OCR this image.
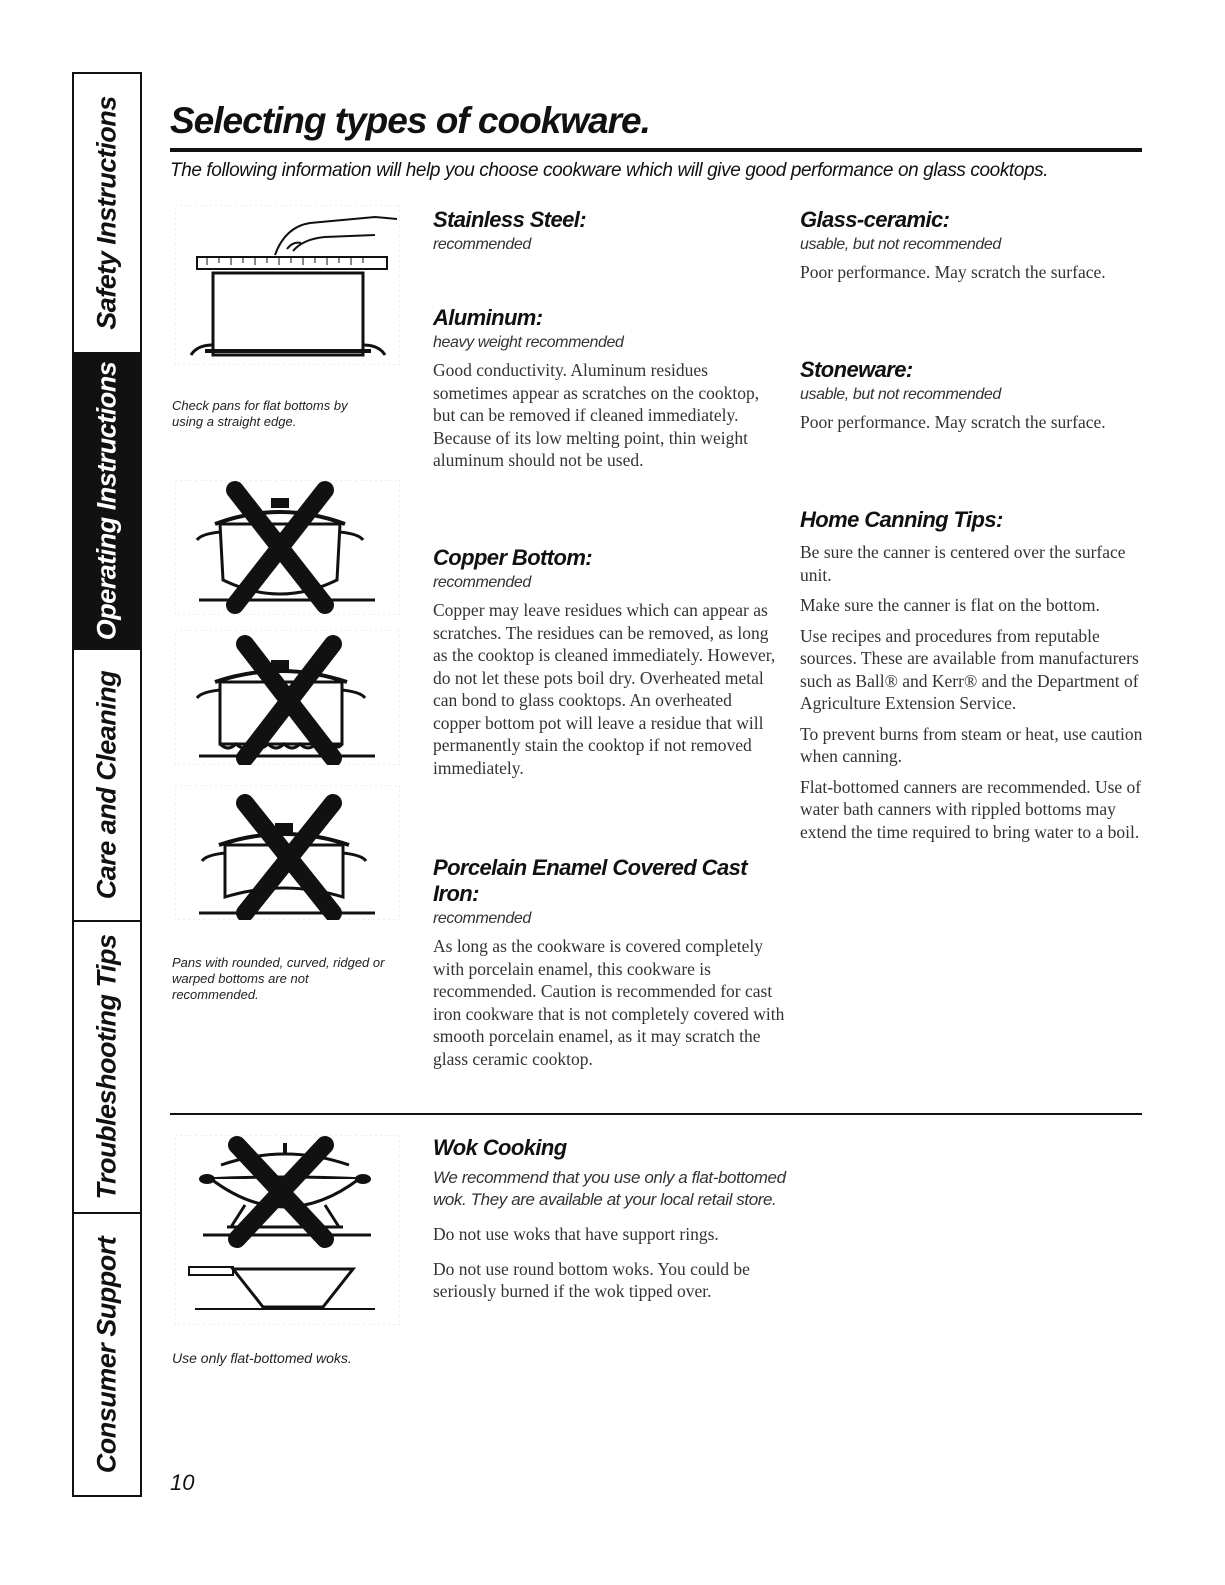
Safety Instructions
Operating Instructions
Care and Cleaning
Troubleshooting Tips
Consumer Support
Selecting types of cookware.

The following information will help you choose cookware which will give good performance on glass cooktops.

Check pans for flat bottoms by using a straight edge.

Pans with rounded, curved, ridged or warped bottoms are not recommended.

Stainless Steel:

recommended

Aluminum:

heavy weight recommended

Good conductivity. Aluminum residues sometimes appear as scratches on the cooktop, but can be removed if cleaned immediately. Because of its low melting point, thin weight aluminum should not be used.

Copper Bottom:

recommended

Copper may leave residues which can appear as scratches. The residues can be removed, as long as the cooktop is cleaned immediately. However, do not let these pots boil dry. Overheated metal can bond to glass cooktops. An overheated copper bottom pot will leave a residue that will permanently stain the cooktop if not removed immediately.

Porcelain Enamel Covered Cast Iron:

recommended

As long as the cookware is covered completely with porcelain enamel, this cookware is recommended. Caution is recommended for cast iron cookware that is not completely covered with smooth porcelain enamel, as it may scratch the glass ceramic cooktop.

Glass-ceramic:

usable, but not recommended

Poor performance. May scratch the surface.

Stoneware:

usable, but not recommended

Poor performance. May scratch the surface.

Home Canning Tips:

Be sure the canner is centered over the surface unit.

Make sure the canner is flat on the bottom.

Use recipes and procedures from reputable sources. These are available from manufacturers such as Ball® and Kerr® and the Department of Agriculture Extension Service.

To prevent burns from steam or heat, use caution when canning.

Flat-bottomed canners are recommended. Use of water bath canners with rippled bottoms may extend the time required to bring water to a boil.

Use only flat-bottomed woks.

Wok Cooking

We recommend that you use only a flat-bottomed wok. They are available at your local retail store.

Do not use woks that have support rings.

Do not use round bottom woks. You could be seriously burned if the wok tipped over.

10
